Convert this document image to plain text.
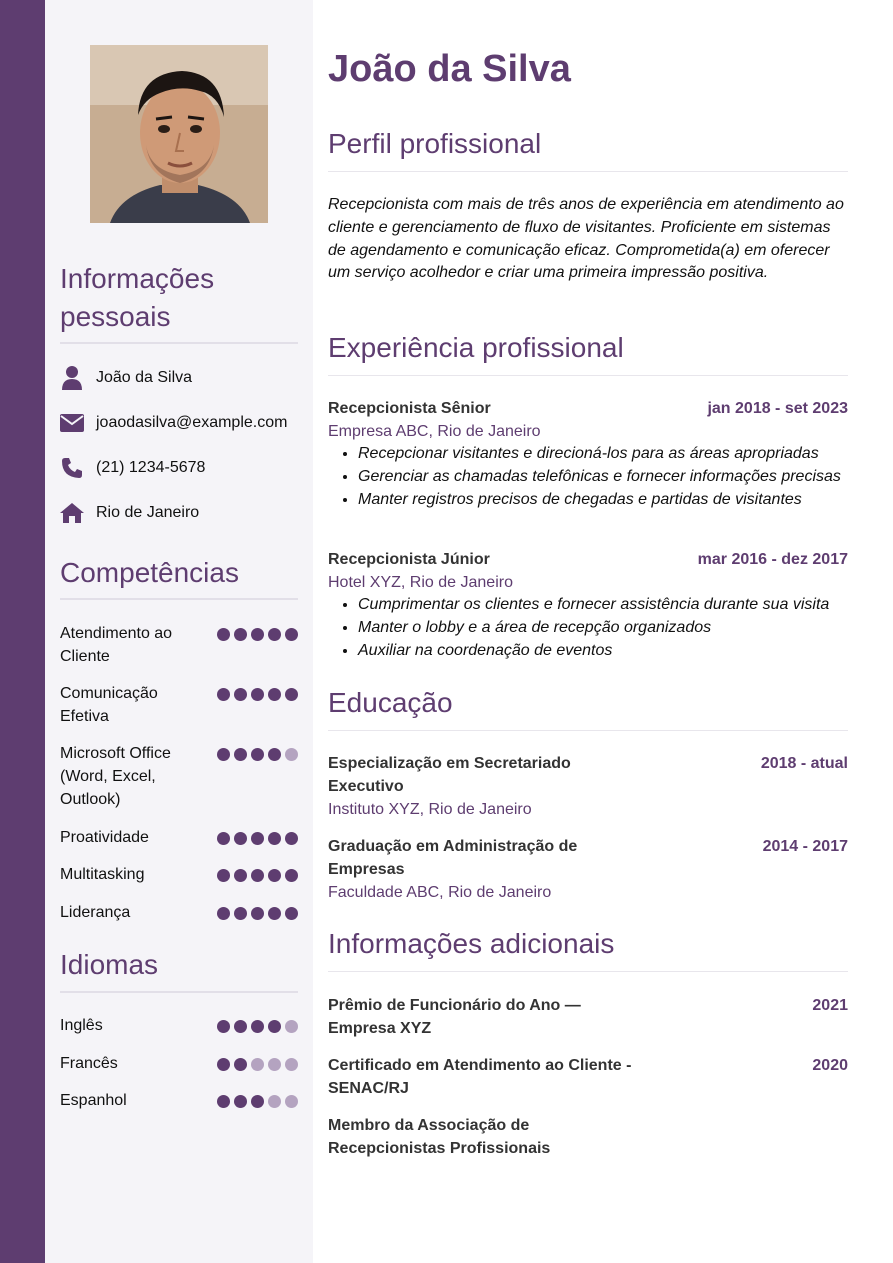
Informações pessoais
João da Silva
joaodasilva@example.com
(21) 1234-5678
Rio de Janeiro
Competências
Atendimento ao Cliente
Comunicação Efetiva
Microsoft Office (Word, Excel, Outlook)
Proatividade
Multitasking
Liderança
Idiomas
Inglês
Francês
Espanhol
João da Silva
Perfil profissional

Recepcionista com mais de três anos de experiência em atendimento ao cliente e gerenciamento de fluxo de visitantes. Proficiente em sistemas de agendamento e comunicação eficaz. Comprometida(a) em oferecer um serviço acolhedor e criar uma primeira impressão positiva.

Experiência profissional
Recepcionista Sênior	jan 2018 - set 2023
Empresa ABC, Rio de Janeiro
• Recepcionar visitantes e direcioná-los para as áreas apropriadas
• Gerenciar as chamadas telefônicas e fornecer informações precisas
• Manter registros precisos de chegadas e partidas de visitantes
Recepcionista Júnior	mar 2016 - dez 2017
Hotel XYZ, Rio de Janeiro
• Cumprimentar os clientes e fornecer assistência durante sua visita
• Manter o lobby e a área de recepção organizados
• Auxiliar na coordenação de eventos
Educação
Especialização em Secretariado Executivo
2018 - atual
Instituto XYZ, Rio de Janeiro
Graduação em Administração de Empresas
2014 - 2017
Faculdade ABC, Rio de Janeiro
Informações adicionais
Prêmio de Funcionário do Ano — Empresa XYZ
2021
Certificado em Atendimento ao Cliente - SENAC/RJ
2020
Membro da Associação de Recepcionistas Profissionais
